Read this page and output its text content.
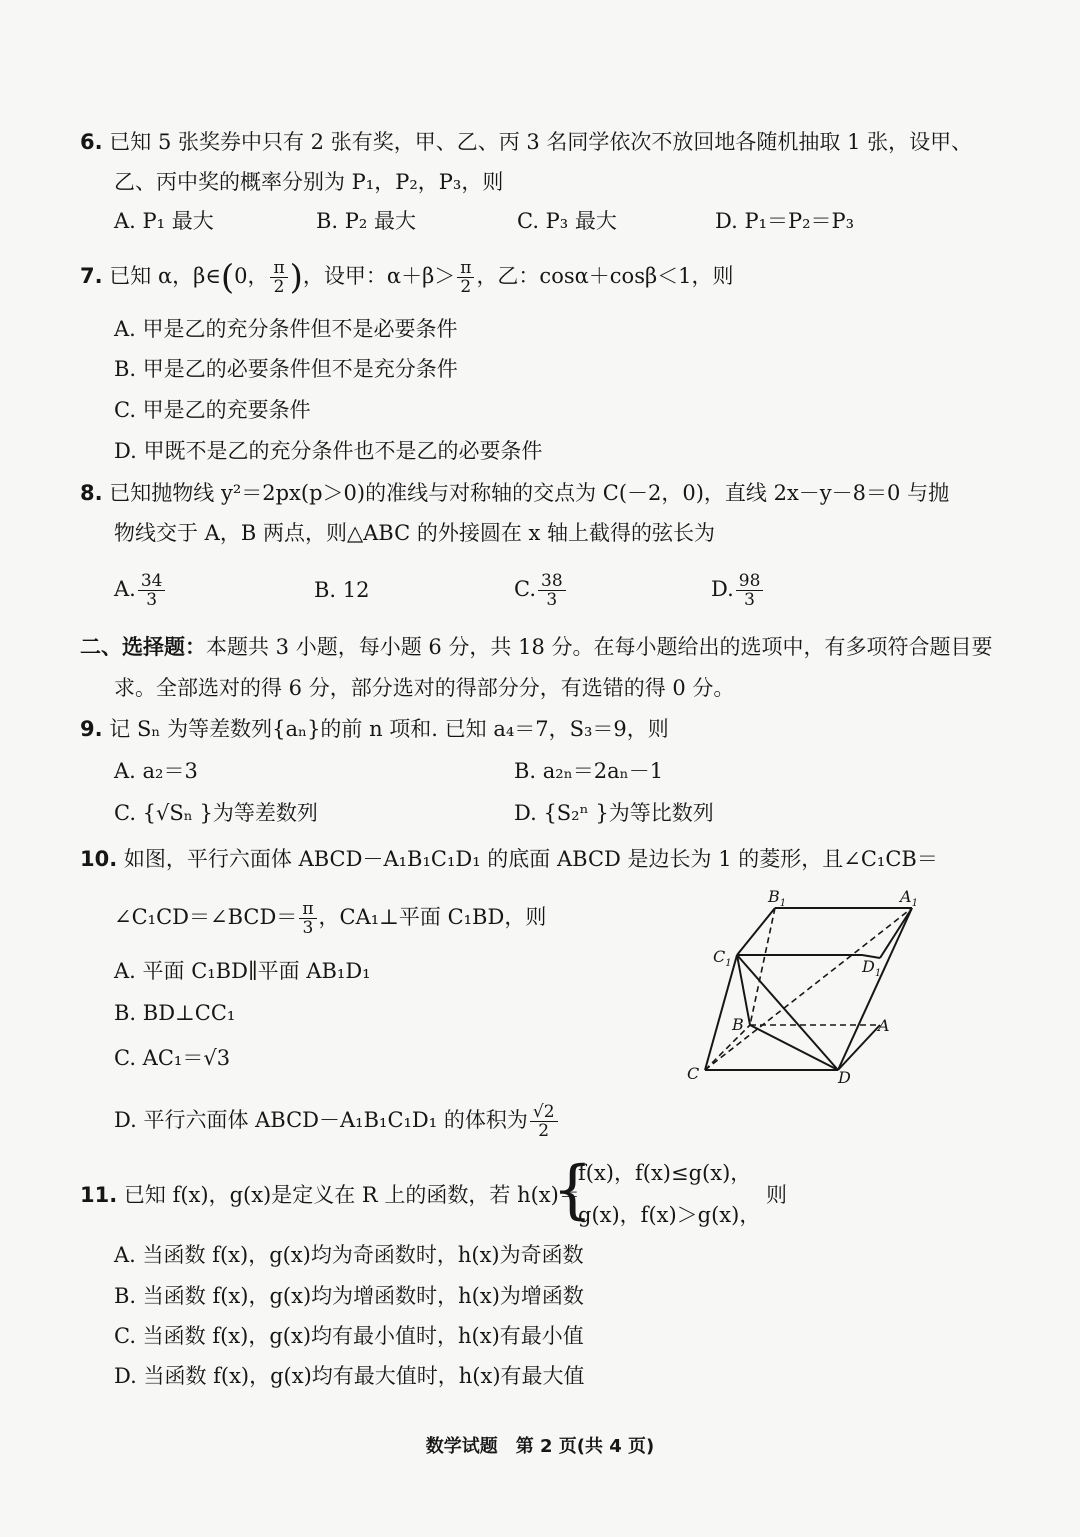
6. 已知 5 张奖券中只有 2 张有奖，甲、乙、丙 3 名同学依次不放回地各随机抽取 1 张，设甲、
乙、丙中奖的概率分别为 P₁，P₂，P₃，则
A. P₁ 最大	B. P₂ 最大	C. P₃ 最大	D. P₁＝P₂＝P₃
7. 已知 α，β∈(0， $\frac{\pi}{2}$ )，设甲：$\alpha+\beta> \frac{\pi}{2}$ ，乙：cosα＋cosβ＜1，则
A. 甲是乙的充分条件但不是必要条件
B. 甲是乙的必要条件但不是充分条件
C. 甲是乙的充要条件
D. 甲既不是乙的充分条件也不是乙的必要条件
8. 已知抛物线 y²＝2px(p＞0)的准线与对称轴的交点为 C(－2，0)，直线 2x－y－8＝0 与抛
物线交于 A，B 两点，则△ABC 的外接圆在 x 轴上截得的弦长为
A. $\frac{34}{3}$	B. 12	C. $\frac{38}{3}$	D. $\frac{98}{3}$
二、选择题：本题共 3 小题，每小题 6 分，共 18 分。在每小题给出的选项中，有多项符合题目要
求。全部选对的得 6 分，部分选对的得部分分，有选错的得 0 分。
9. 记 Sₙ 为等差数列{aₙ}的前 n 项和. 已知 a₄＝7，S₃＝9，则
A. a₂＝3	B. a₂ₙ＝2aₙ－1
C. {√Sₙ }为等差数列	D. {S₂ⁿ }为等比数列
10. 如图，平行六面体 ABCD－A₁B₁C₁D₁ 的底面 ABCD 是边长为 1 的菱形，且∠C₁CB＝
∠C₁CD＝∠BCD＝ $\frac{\pi}{3}$ ，CA₁⊥平面 C₁BD，则
A. 平面 C₁BD∥平面 AB₁D₁
B. BD⊥CC₁
C. AC₁＝√3
D. 平行六面体 ABCD－A₁B₁C₁D₁ 的体积为 $\frac{√2}{2}$
$B_1$	$A_1$
$C_1$	$D_1$
B	A
C	D
11. 已知 f(x)，g(x)是定义在 R 上的函数，若 h(x)＝
{
f(x)，f(x)≤g(x)，
g(x)，f(x)＞g(x)，
则
A. 当函数 f(x)，g(x)均为奇函数时，h(x)为奇函数
B. 当函数 f(x)，g(x)均为增函数时，h(x)为增函数
C. 当函数 f(x)，g(x)均有最小值时，h(x)有最小值
D. 当函数 f(x)，g(x)均有最大值时，h(x)有最大值
数学试题　第 2 页(共 4 页)
